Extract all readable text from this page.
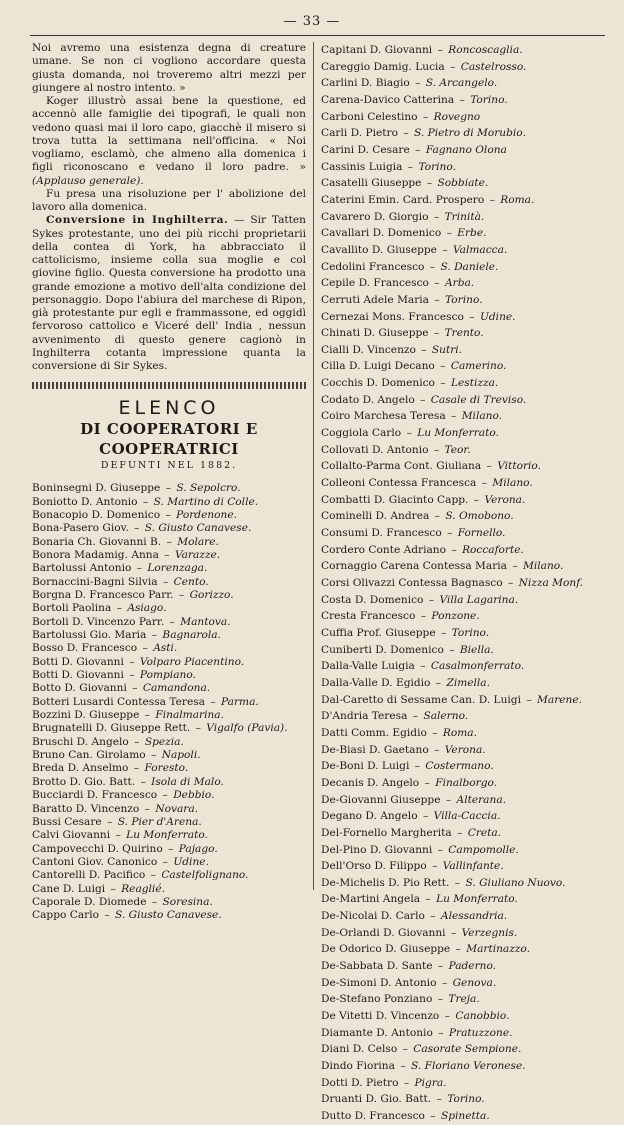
— 33 —
Noi avremo una esistenza degna di creature umane. Se non ci vogliono accordare questa giusta domanda, noi troveremo altri mezzi per giungere al nostro intento. »
Koger illustrò assai bene la questione, ed accennò alle famiglie dei tipografi, le quali non vedono quasi mai il loro capo, giacchè il misero si trova tutta la settimana nell'officina. « Noi vogliamo, esclamò, che almeno alla domenica i figli riconoscano e vedano il loro padre. » (Applauso generale).
Fu presa una risoluzione per l' abolizione del lavoro alla domenica.
Conversione in Inghilterra. — Sir Tatten Sykes protestante, uno dei più ricchi proprietarii della contea di York, ha abbracciato il cattolicismo, insieme colla sua moglie e col giovine figlio. Questa conversione ha prodotto una grande emozione a motivo dell'alta condizione del personaggio. Dopo l'abiura del marchese di Ripon, già protestante pur egli e frammassone, ed oggidì fervoroso cattolico e Viceré dell' India , nessun avvenimento di questo genere cagionò in Inghilterra cotanta impressione quanta la conversione di Sir Sykes.
ELENCO
DI COOPERATORI E COOPERATRICI
DEFUNTI NEL 1882.
Boninsegni D. Giuseppe – S. Sepolcro.
Boniotto D. Antonio – S. Martino di Colle.
Bonacopio D. Domenico – Pordenone.
Bona-Pasero Giov. – S. Giusto Canavese.
Bonaria Ch. Giovanni B. – Molare.
Bonora Madamig. Anna – Varazze.
Bartolussi Antonio – Lorenzaga.
Bornaccini-Bagni Silvia – Cento.
Borgna D. Francesco Parr. – Gorizzo.
Bortoli Paolina – Asiago.
Bortoli D. Vincenzo Parr. – Mantova.
Bartolussi Gio. Maria – Bagnarola.
Bosso D. Francesco – Asti.
Botti D. Giovanni – Volparo Piacentino.
Botti D. Giovanni – Pompiano.
Botto D. Giovanni – Camandona.
Botteri Lusardi Contessa Teresa – Parma.
Bozzini D. Giuseppe – Finalmarina.
Brugnatelli D. Giuseppe Rett. – Vigalfo (Pavia).
Bruschi D. Angelo – Spezia.
Bruno Can. Girolamo – Napoli.
Breda D. Anselmo – Foresto.
Brotto D. Gio. Batt. – Isola di Malo.
Bucciardi D. Francesco – Debbio.
Baratto D. Vincenzo – Novara.
Bussi Cesare – S. Pier d'Arena.
Calvi Giovanni – Lu Monferrato.
Campovecchi D. Quirino – Pajago.
Cantoni Giov. Canonico – Udine.
Cantorelli D. Pacifico – Castelfolignano.
Cane D. Luigi – Reaglié.
Caporale D. Diomede – Soresina.
Cappo Carlo – S. Giusto Canavese.
Capitani D. Giovanni – Roncoscaglia.
Careggio Damig. Lucia – Castelrosso.
Carlini D. Biagio – S. Arcangelo.
Carena-Davico Catterina – Torino.
Carboni Celestino – Rovegno
Carli D. Pietro – S. Pietro di Morubio.
Carini D. Cesare – Fagnano Olona
Cassinis Luigia – Torino.
Casatelli Giuseppe – Sobbiate.
Caterini Emin. Card. Prospero – Roma.
Cavarero D. Giorgio – Trinità.
Cavallari D. Domenico – Erbe.
Cavallito D. Giuseppe – Valmacca.
Cedolini Francesco – S. Daniele.
Cepile D. Francesco – Arba.
Cerruti Adele Maria – Torino.
Cernezai Mons. Francesco – Udine.
Chinati D. Giuseppe – Trento.
Cialli D. Vincenzo – Sutri.
Cilla D. Luigi Decano – Camerino.
Cocchis D. Domenico – Lestizza.
Codato D. Angelo – Casale di Treviso.
Coiro Marchesa Teresa – Milano.
Coggiola Carlo – Lu Monferrato.
Collovati D. Antonio – Teor.
Collalto-Parma Cont. Giuliana – Vittorio.
Colleoni Contessa Francesca – Milano.
Combatti D. Giacinto Capp. – Verona.
Cominelli D. Andrea – S. Omobono.
Consumi D. Francesco – Fornello.
Cordero Conte Adriano – Roccaforte.
Cornaggio Carena Contessa Maria – Milano.
Corsi Olivazzi Contessa Bagnasco – Nizza Monf.
Costa D. Domenico – Villa Lagarina.
Cresta Francesco – Ponzone.
Cuffia Prof. Giuseppe – Torino.
Cuniberti D. Domenico – Biella.
Dalla-Valle Luigia – Casalmonferrato.
Dalla-Valle D. Egidio – Zimella.
Dal-Caretto di Sessame Can. D. Luigi – Marene.
D'Andria Teresa – Salerno.
Datti Comm. Egidio – Roma.
De-Biasi D. Gaetano – Verona.
De-Boni D. Luigi – Costermano.
Decanis D. Angelo – Finalborgo.
De-Giovanni Giuseppe – Alterana.
Degano D. Angelo – Villa-Caccia.
Del-Fornello Margherita – Creta.
Del-Pino D. Giovanni – Campomolle.
Dell'Orso D. Filippo – Vallinfante.
De-Michelis D. Pio Rett. – S. Giuliano Nuovo.
De-Martini Angela – Lu Monferrato.
De-Nicolai D. Carlo – Alessandria.
De-Orlandi D. Giovanni – Verzegnis.
De Odorico D. Giuseppe – Martinazzo.
De-Sabbata D. Sante – Paderno.
De-Simoni D. Antonio – Genova.
De-Stefano Ponziano – Treja.
De Vitetti D. Vincenzo – Canobbio.
Diamante D. Antonio – Pratuzzone.
Diani D. Celso – Casorate Sempione.
Dindo Fiorina – S. Floriano Veronese.
Dotti D. Pietro – Pigra.
Druanti D. Gio. Batt. – Torino.
Dutto D. Francesco – Spinetta.
